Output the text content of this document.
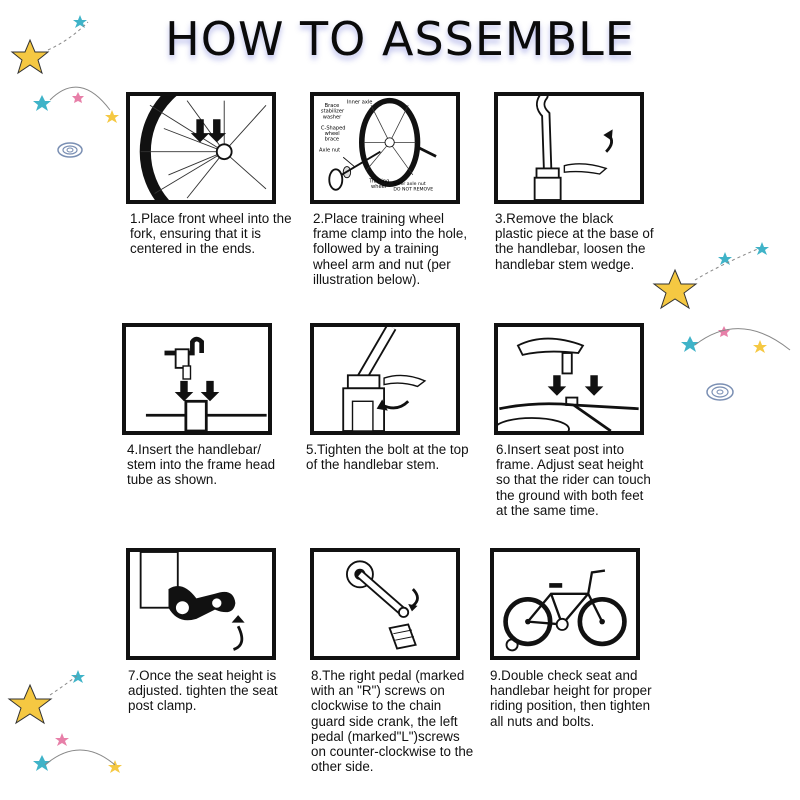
HOW TO ASSEMBLE
Brace
stabilizer
washer
Inner axle
C-Shaped
wheel
brace
Axle nut
Training
wheel Inner axle nut
DO NOT REMOVE
1.Place front wheel into the fork, ensuring that it is centered in the ends.
2.Place training wheel frame clamp into the hole, followed by a training wheel arm and nut (per illustration below).
3.Remove the black plastic piece at the base of the handlebar, loosen the handlebar stem wedge.
4.Insert the handlebar/ stem into the frame head tube as shown.
5.Tighten the bolt at the top of the handlebar stem.
6.Insert seat post into frame. Adjust seat height so that the rider can touch the ground with both feet at the same time.
7.Once the seat height is adjusted. tighten the seat post clamp.
8.The right pedal (marked with an "R") screws on clockwise to the chain guard side crank, the left pedal (marked"L")screws on counter-clockwise to the other side.
9.Double check seat and handlebar height for proper riding position, then tighten all nuts and bolts.
